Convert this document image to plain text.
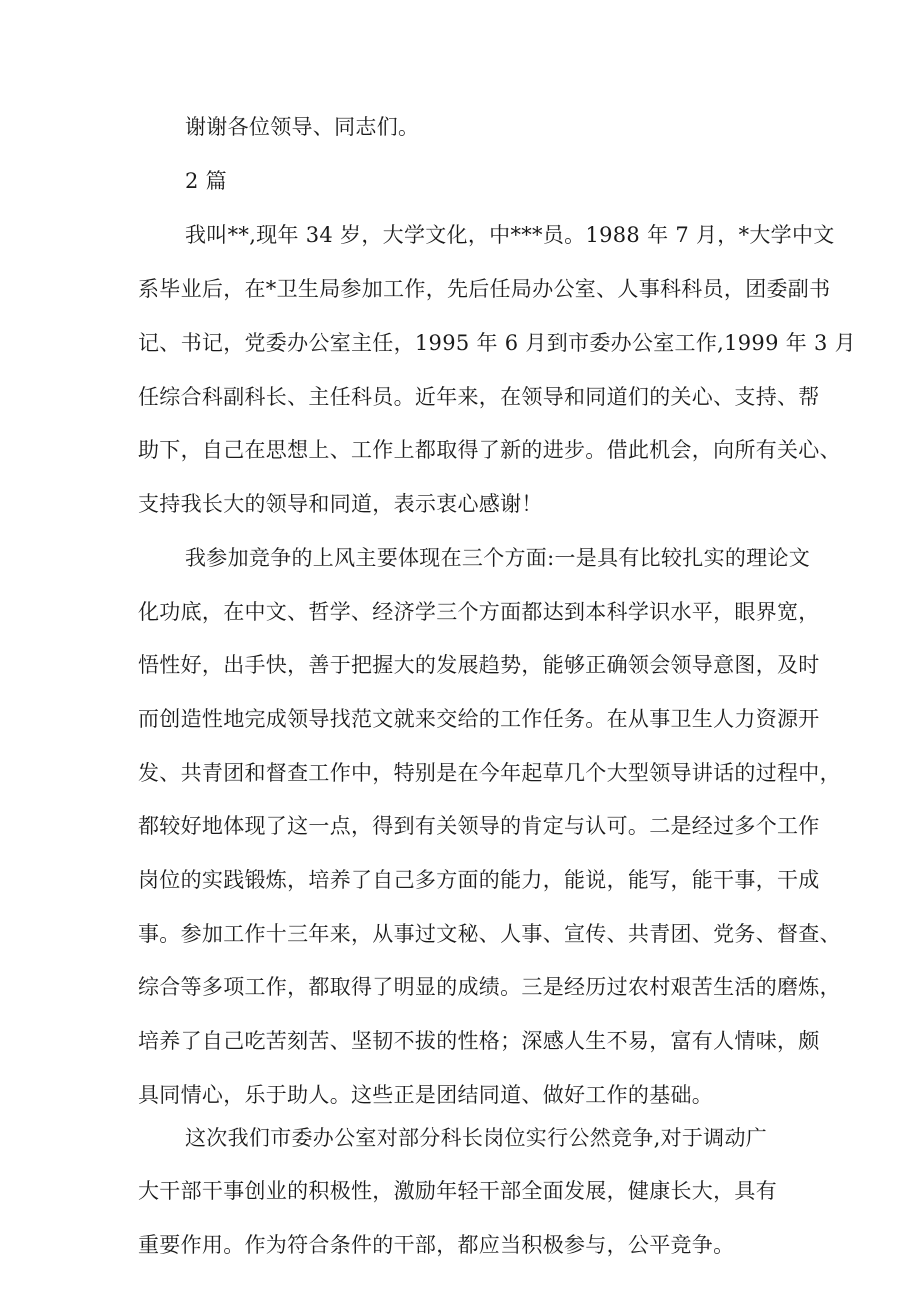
谢谢各位领导、同志们。
2 篇
我叫**,现年 34 岁，大学文化，中***员。1988 年 7 月，*大学中文
系毕业后，在*卫生局参加工作，先后任局办公室、人事科科员，团委副书
记、书记，党委办公室主任，1995 年 6 月到市委办公室工作,1999 年 3 月
任综合科副科长、主任科员。近年来，在领导和同道们的关心、支持、帮
助下，自己在思想上、工作上都取得了新的进步。借此机会，向所有关心、
支持我长大的领导和同道，表示衷心感谢！
我参加竞争的上风主要体现在三个方面:一是具有比较扎实的理论文
化功底，在中文、哲学、经济学三个方面都达到本科学识水平，眼界宽，
悟性好，出手快，善于把握大的发展趋势，能够正确领会领导意图，及时
而创造性地完成领导找范文就来交给的工作任务。在从事卫生人力资源开
发、共青团和督查工作中，特别是在今年起草几个大型领导讲话的过程中，
都较好地体现了这一点，得到有关领导的肯定与认可。二是经过多个工作
岗位的实践锻炼，培养了自己多方面的能力，能说，能写，能干事，干成
事。参加工作十三年来，从事过文秘、人事、宣传、共青团、党务、督查、
综合等多项工作，都取得了明显的成绩。三是经历过农村艰苦生活的磨炼，
培养了自己吃苦刻苦、坚韧不拔的性格；深感人生不易，富有人情味，颇
具同情心，乐于助人。这些正是团结同道、做好工作的基础。
这次我们市委办公室对部分科长岗位实行公然竞争,对于调动广
大干部干事创业的积极性，激励年轻干部全面发展，健康长大，具有
重要作用。作为符合条件的干部，都应当积极参与，公平竞争。
